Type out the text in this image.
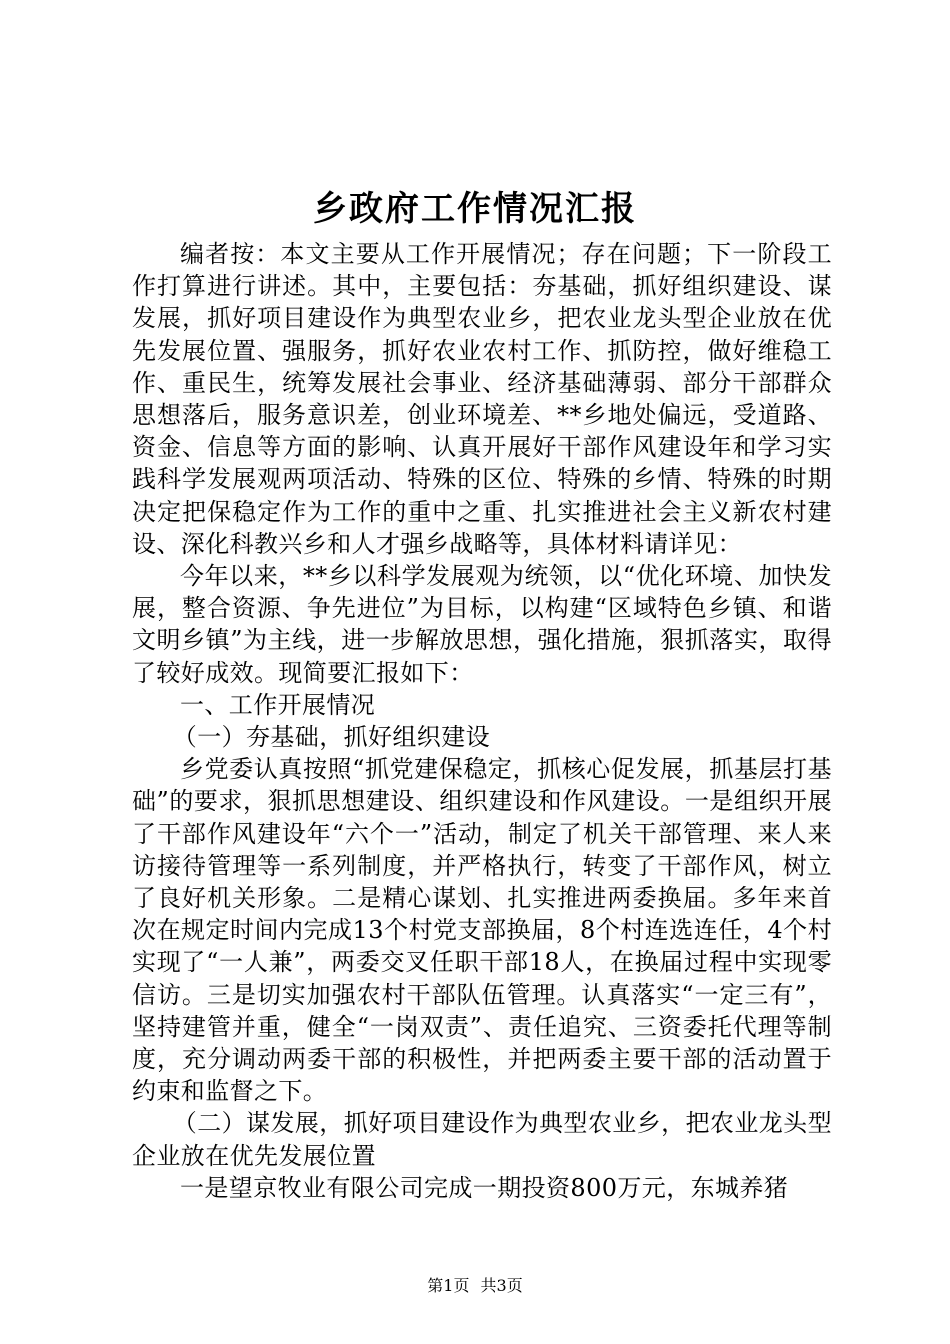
乡政府工作情况汇报

编者按：本文主要从工作开展情况；存在问题；下一阶段工作打算进行讲述。其中，主要包括：夯基础，抓好组织建设、谋发展，抓好项目建设作为典型农业乡，把农业龙头型企业放在优先发展位置、强服务，抓好农业农村工作、抓防控，做好维稳工作、重民生，统筹发展社会事业、经济基础薄弱、部分干部群众思想落后，服务意识差，创业环境差、**乡地处偏远，受道路、资金、信息等方面的影响、认真开展好干部作风建设年和学习实践科学发展观两项活动、特殊的区位、特殊的乡情、特殊的时期决定把保稳定作为工作的重中之重、扎实推进社会主义新农村建设、深化科教兴乡和人才强乡战略等，具体材料请详见：

今年以来，**乡以科学发展观为统领，以“优化环境、加快发展，整合资源、争先进位”为目标，以构建“区域特色乡镇、和谐文明乡镇”为主线，进一步解放思想，强化措施，狠抓落实，取得了较好成效。现简要汇报如下：

一、工作开展情况

（一）夯基础，抓好组织建设

乡党委认真按照“抓党建保稳定，抓核心促发展，抓基层打基础”的要求，狠抓思想建设、组织建设和作风建设。一是组织开展了干部作风建设年“六个一”活动，制定了机关干部管理、来人来访接待管理等一系列制度，并严格执行，转变了干部作风，树立了良好机关形象。二是精心谋划、扎实推进两委换届。多年来首次在规定时间内完成13个村党支部换届，8个村连选连任，4个村实现了“一人兼”，两委交叉任职干部18人，在换届过程中实现零信访。三是切实加强农村干部队伍管理。认真落实“一定三有”，坚持建管并重，健全“一岗双责”、责任追究、三资委托代理等制度，充分调动两委干部的积极性，并把两委主要干部的活动置于约束和监督之下。

（二）谋发展，抓好项目建设作为典型农业乡，把农业龙头型企业放在优先发展位置

一是望京牧业有限公司完成一期投资800万元，东城养猪

第1页 共3页
